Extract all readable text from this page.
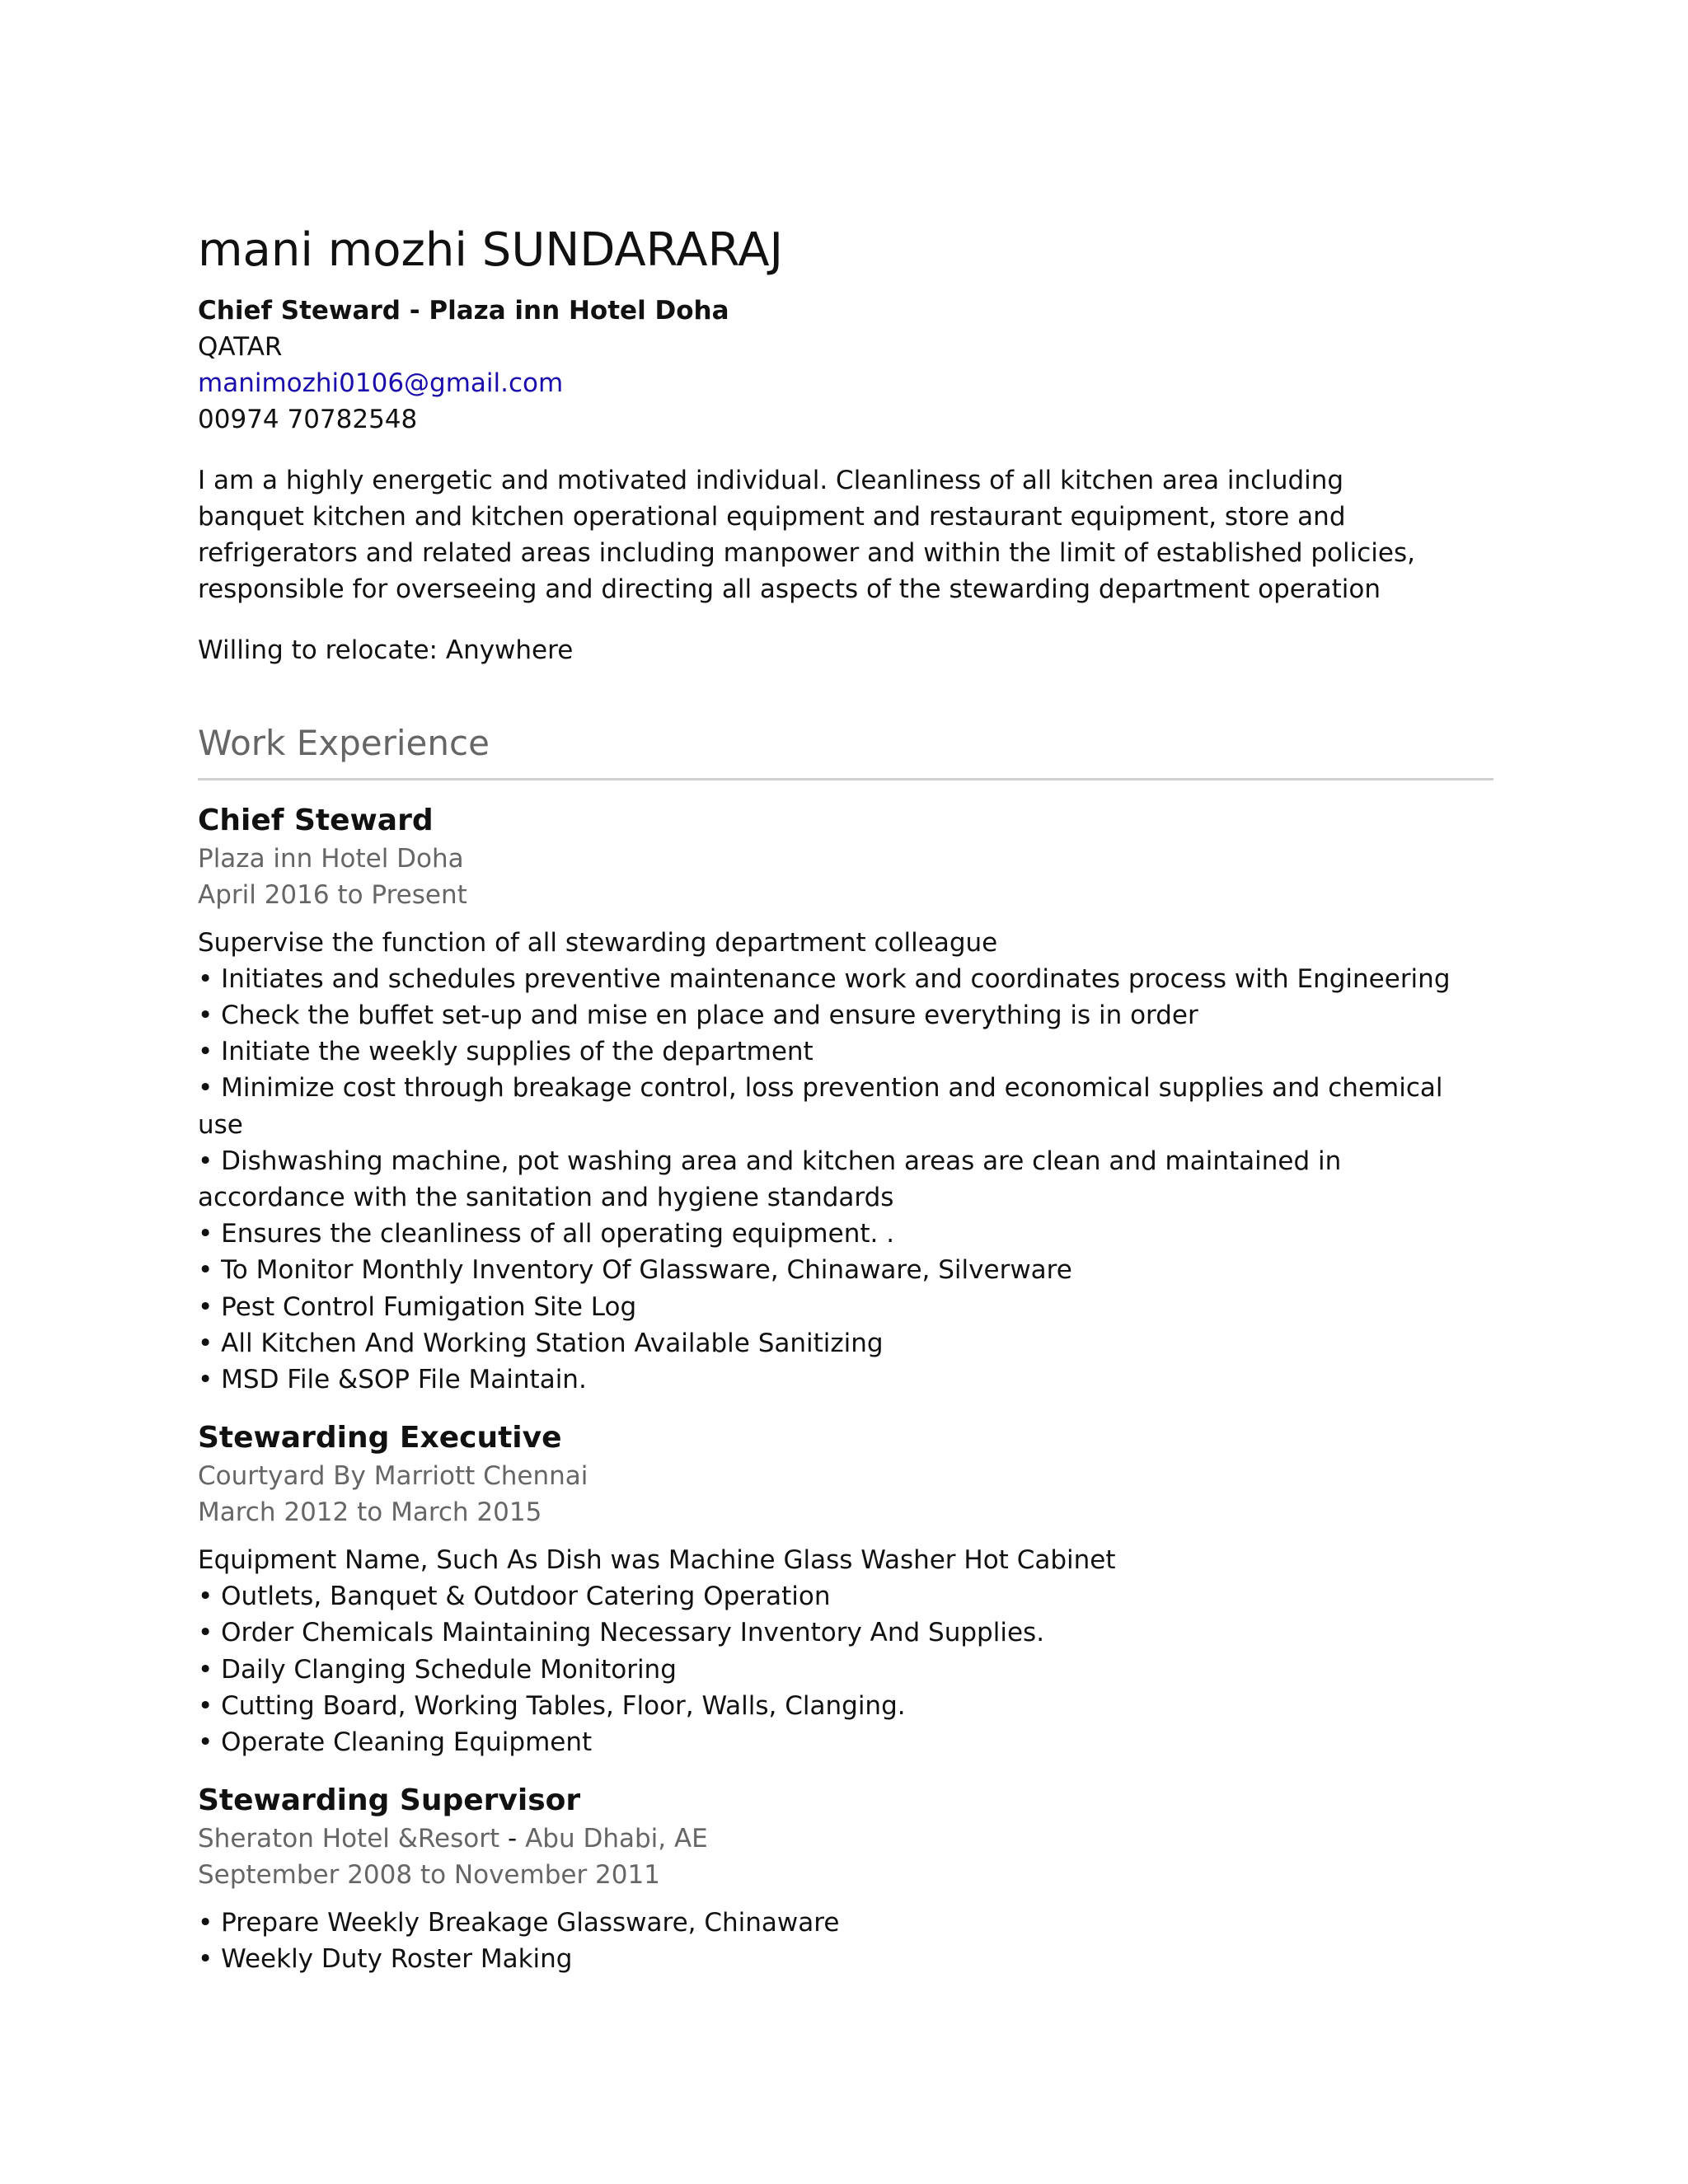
mani mozhi SUNDARARAJ

Chief Steward - Plaza inn Hotel Doha

QATAR

manimozhi0106@gmail.com

00974 70782548

I am a highly energetic and motivated individual. Cleanliness of all kitchen area including banquet kitchen and kitchen operational equipment and restaurant equipment, store and refrigerators and related areas including manpower and within the limit of established policies, responsible for overseeing and directing all aspects of the stewarding department operation

Willing to relocate: Anywhere

Work Experience
Chief Steward
Plaza inn Hotel Doha
April 2016 to Present
Supervise the function of all stewarding department colleague
• Initiates and schedules preventive maintenance work and coordinates process with Engineering
• Check the buffet set-up and mise en place and ensure everything is in order
• Initiate the weekly supplies of the department
• Minimize cost through breakage control, loss prevention and economical supplies and chemical use
• Dishwashing machine, pot washing area and kitchen areas are clean and maintained in accordance with the sanitation and hygiene standards
• Ensures the cleanliness of all operating equipment. .
• To Monitor Monthly Inventory Of Glassware, Chinaware, Silverware
• Pest Control Fumigation Site Log
• All Kitchen And Working Station Available Sanitizing
• MSD File &SOP File Maintain.
Stewarding Executive
Courtyard By Marriott Chennai
March 2012 to March 2015
Equipment Name, Such As Dish was Machine Glass Washer Hot Cabinet
• Outlets, Banquet & Outdoor Catering Operation
• Order Chemicals Maintaining Necessary Inventory And Supplies.
• Daily Clanging Schedule Monitoring
• Cutting Board, Working Tables, Floor, Walls, Clanging.
• Operate Cleaning Equipment
Stewarding Supervisor
Sheraton Hotel &Resort - Abu Dhabi, AE
September 2008 to November 2011
• Prepare Weekly Breakage Glassware, Chinaware
• Weekly Duty Roster Making
